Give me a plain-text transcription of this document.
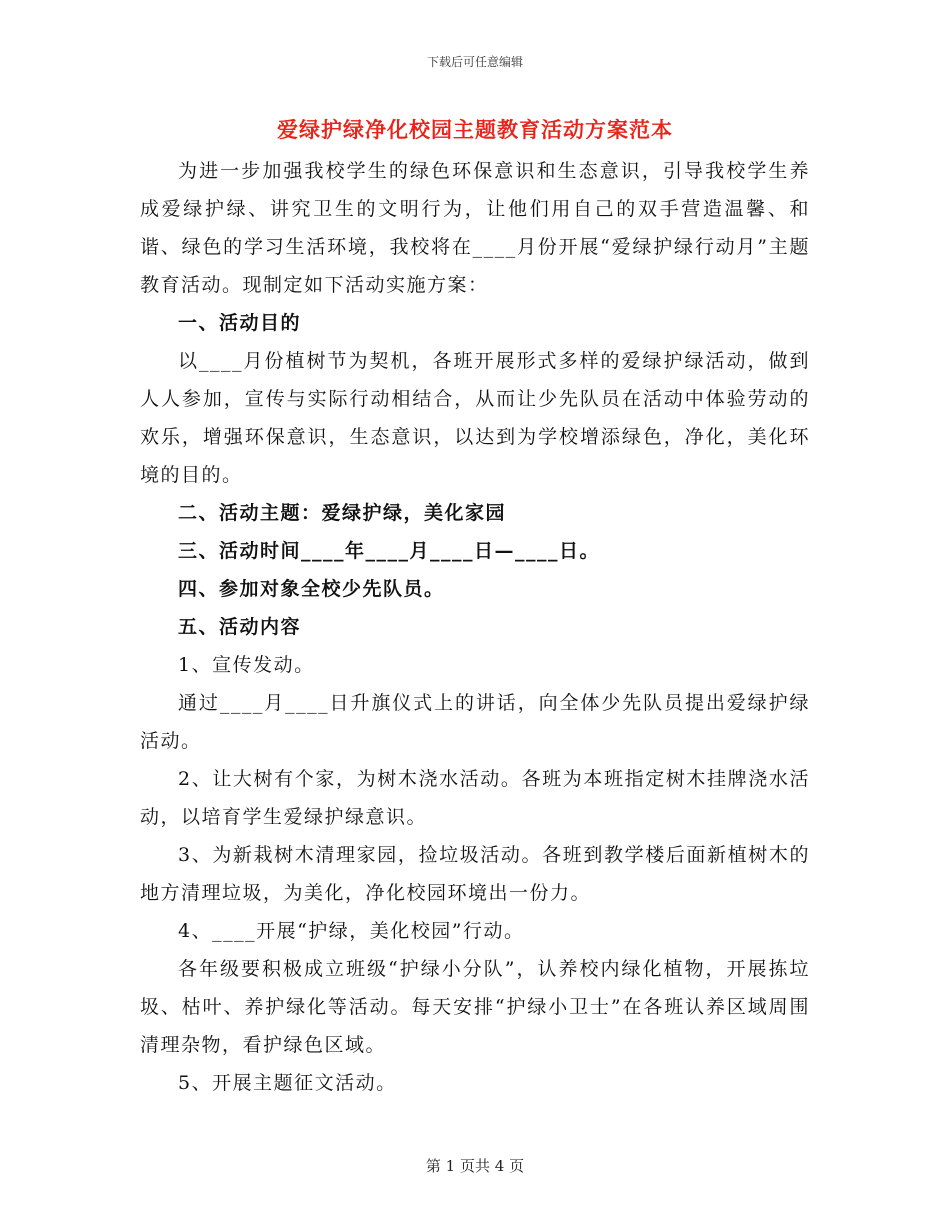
下载后可任意编辑
爱绿护绿净化校园主题教育活动方案范本

为进一步加强我校学生的绿色环保意识和生态意识，引导我校学生养成爱绿护绿、讲究卫生的文明行为，让他们用自己的双手营造温馨、和谐、绿色的学习生活环境，我校将在____月份开展“爱绿护绿行动月”主题教育活动。现制定如下活动实施方案：

一、活动目的

以____月份植树节为契机，各班开展形式多样的爱绿护绿活动，做到人人参加，宣传与实际行动相结合，从而让少先队员在活动中体验劳动的欢乐，增强环保意识，生态意识，以达到为学校增添绿色，净化，美化环境的目的。

二、活动主题：爱绿护绿，美化家园

三、活动时间____年____月____日—____日。

四、参加对象全校少先队员。

五、活动内容

1、宣传发动。

通过____月____日升旗仪式上的讲话，向全体少先队员提出爱绿护绿活动。

2、让大树有个家，为树木浇水活动。各班为本班指定树木挂牌浇水活动，以培育学生爱绿护绿意识。

3、为新栽树木清理家园，捡垃圾活动。各班到教学楼后面新植树木的地方清理垃圾，为美化，净化校园环境出一份力。

4、____开展“护绿，美化校园”行动。

各年级要积极成立班级“护绿小分队”，认养校内绿化植物，开展拣垃圾、枯叶、养护绿化等活动。每天安排“护绿小卫士”在各班认养区域周围清理杂物，看护绿色区域。

5、开展主题征文活动。

第 1 页共 4 页
